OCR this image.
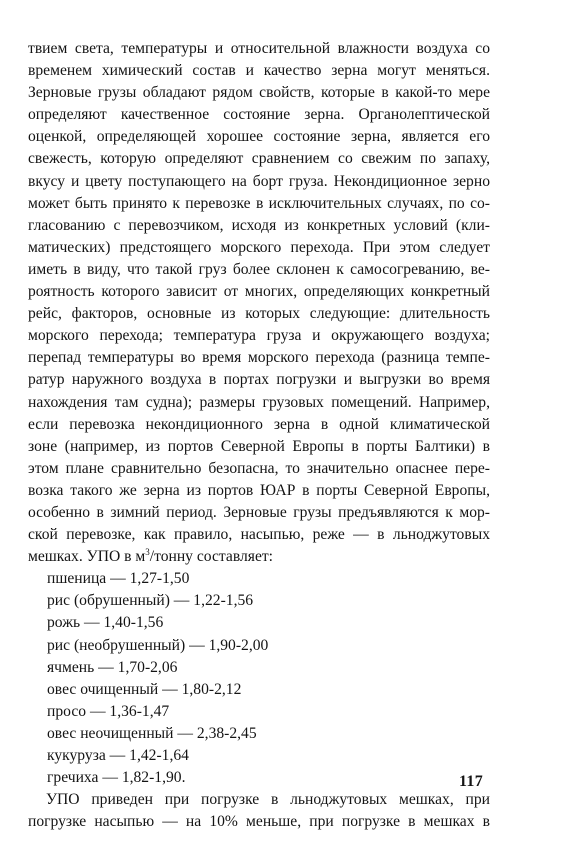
твием света, температуры и относительной влажности воздуха со
временем химический состав и качество зерна могут меняться.
Зерновые грузы обладают рядом свойств, которые в какой-то мере
определяют качественное состояние зерна. Органолептической
оценкой, определяющей хорошее состояние зерна, является его
свежесть, которую определяют сравнением со свежим по запаху,
вкусу и цвету поступающего на борт груза. Некондиционное зерно
может быть принято к перевозке в исключительных случаях, по со-
гласованию с перевозчиком, исходя из конкретных условий (кли-
матических) предстоящего морского перехода. При этом следует
иметь в виду, что такой груз более склонен к самосогреванию, ве-
роятность которого зависит от многих, определяющих конкретный
рейс, факторов, основные из которых следующие: длительность
морского перехода; температура груза и окружающего воздуха;
перепад температуры во время морского перехода (разница темпе-
ратур наружного воздуха в портах погрузки и выгрузки во время
нахождения там судна); размеры грузовых помещений. Например,
если перевозка некондиционного зерна в одной климатической
зоне (например, из портов Северной Европы в порты Балтики) в
этом плане сравнительно безопасна, то значительно опаснее пере-
возка такого же зерна из портов ЮАР в порты Северной Европы,
особенно в зимний период. Зерновые грузы предъявляются к мор-
ской перевозке, как правило, насыпью, реже — в льноджутовых
мешках. УПО в $м^3$/тонну составляет:
пшеница — 1,27-1,50
рис (обрушенный) — 1,22-1,56
рожь — 1,40-1,56
рис (необрушенный) — 1,90-2,00
ячмень — 1,70-2,06
овес очищенный — 1,80-2,12
просо — 1,36-1,47
овес неочищенный — 2,38-2,45
кукуруза — 1,42-1,64
гречиха — 1,82-1,90.
УПО приведен при погрузке в льноджутовых мешках, при
погрузке насыпью — на 10% меньше, при погрузке в мешках в
117
